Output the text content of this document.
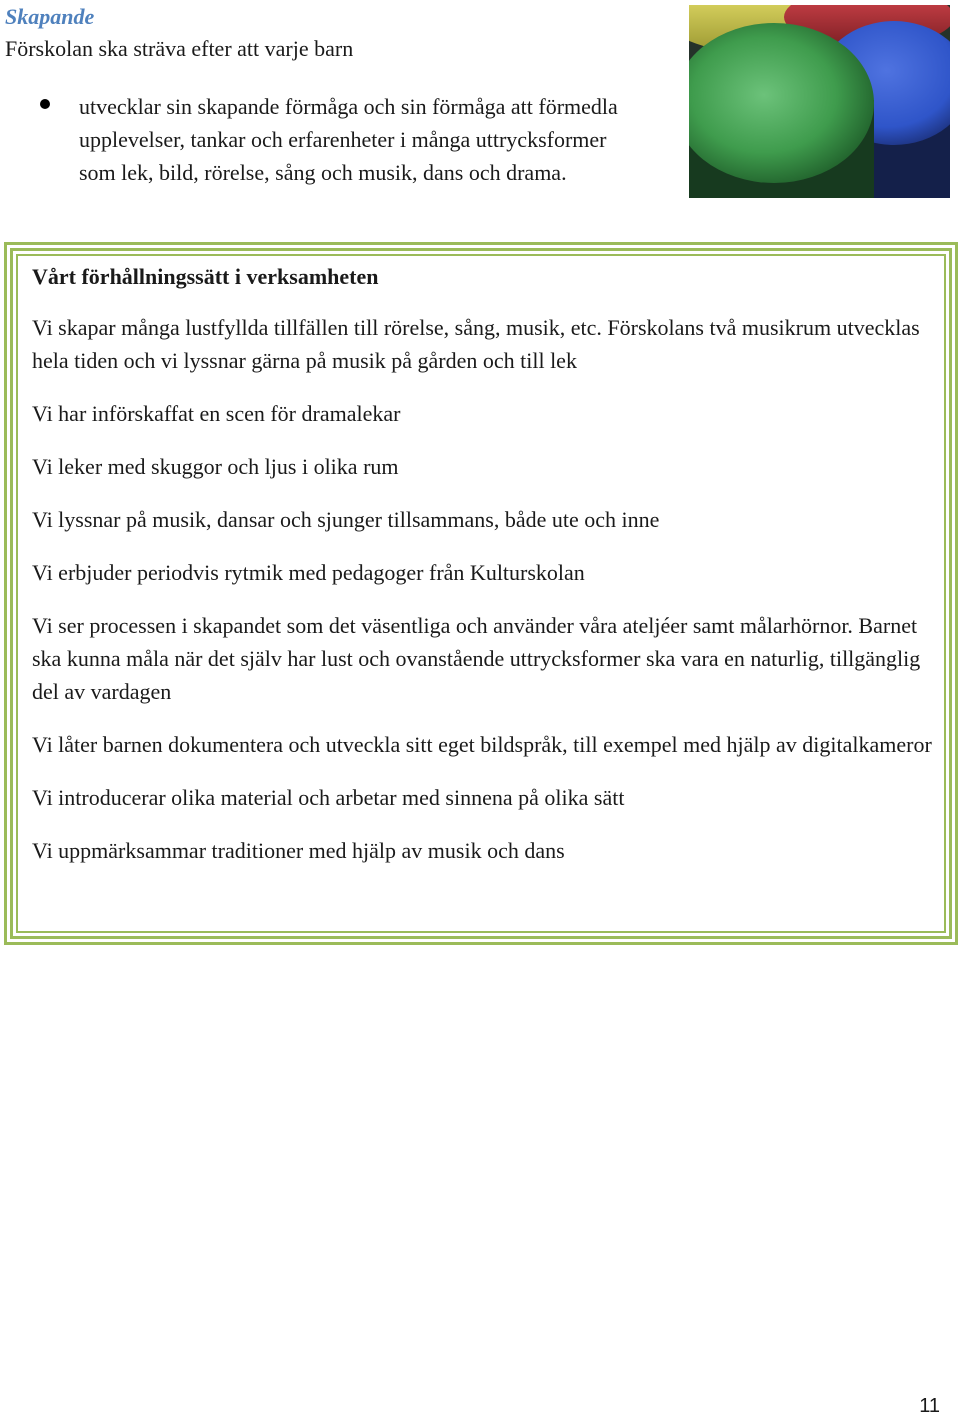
Skapande

Förskolan ska sträva efter att varje barn

utvecklar sin skapande förmåga och sin förmåga att förmedla upplevelser, tankar och erfarenheter i många uttrycksformer som lek, bild, rörelse, sång och musik, dans och drama.
Vårt förhållningssätt i verksamheten

Vi skapar många lustfyllda tillfällen till rörelse, sång, musik, etc. Förskolans två musikrum utvecklas hela tiden och vi lyssnar gärna på musik på gården och till lek

Vi har införskaffat en scen för dramalekar

Vi leker med skuggor och ljus i olika rum

Vi lyssnar på musik, dansar och sjunger tillsammans, både ute och inne

Vi erbjuder periodvis rytmik med pedagoger från Kulturskolan

Vi ser processen i skapandet som det väsentliga och använder våra ateljéer samt målarhörnor. Barnet ska kunna måla när det själv har lust och ovanstående uttrycksformer ska vara en naturlig, tillgänglig del av vardagen

Vi låter barnen dokumentera och utveckla sitt eget bildspråk, till exempel med hjälp av digitalkameror

Vi introducerar olika material och arbetar med sinnena på olika sätt

Vi uppmärksammar traditioner med hjälp av musik och dans

11
